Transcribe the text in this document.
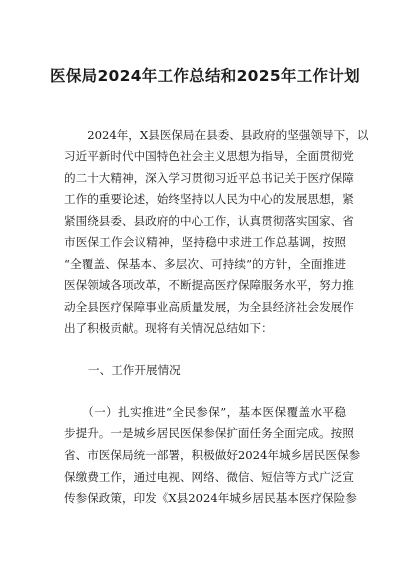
医保局2024年工作总结和2025年工作计划
　　2024年，X县医保局在县委、县政府的坚强领导下，以
习近平新时代中国特色社会主义思想为指导，全面贯彻党
的二十大精神，深入学习贯彻习近平总书记关于医疗保障
工作的重要论述，始终坚持以人民为中心的发展思想，紧
紧围绕县委、县政府的中心工作，认真贯彻落实国家、省
市医保工作会议精神，坚持稳中求进工作总基调，按照
“全覆盖、保基本、多层次、可持续”的方针，全面推进
医保领域各项改革，不断提高医疗保障服务水平，努力推
动全县医疗保障事业高质量发展，为全县经济社会发展作
出了积极贡献。现将有关情况总结如下：
一、工作开展情况
　　（一）扎实推进“全民参保”，基本医保覆盖水平稳
步提升。一是城乡居民医保参保扩面任务全面完成。按照
省、市医保局统一部署，积极做好2024年城乡居民医保参
保缴费工作，通过电视、网络、微信、短信等方式广泛宣
传参保政策，印发《X县2024年城乡居民基本医疗保险参
